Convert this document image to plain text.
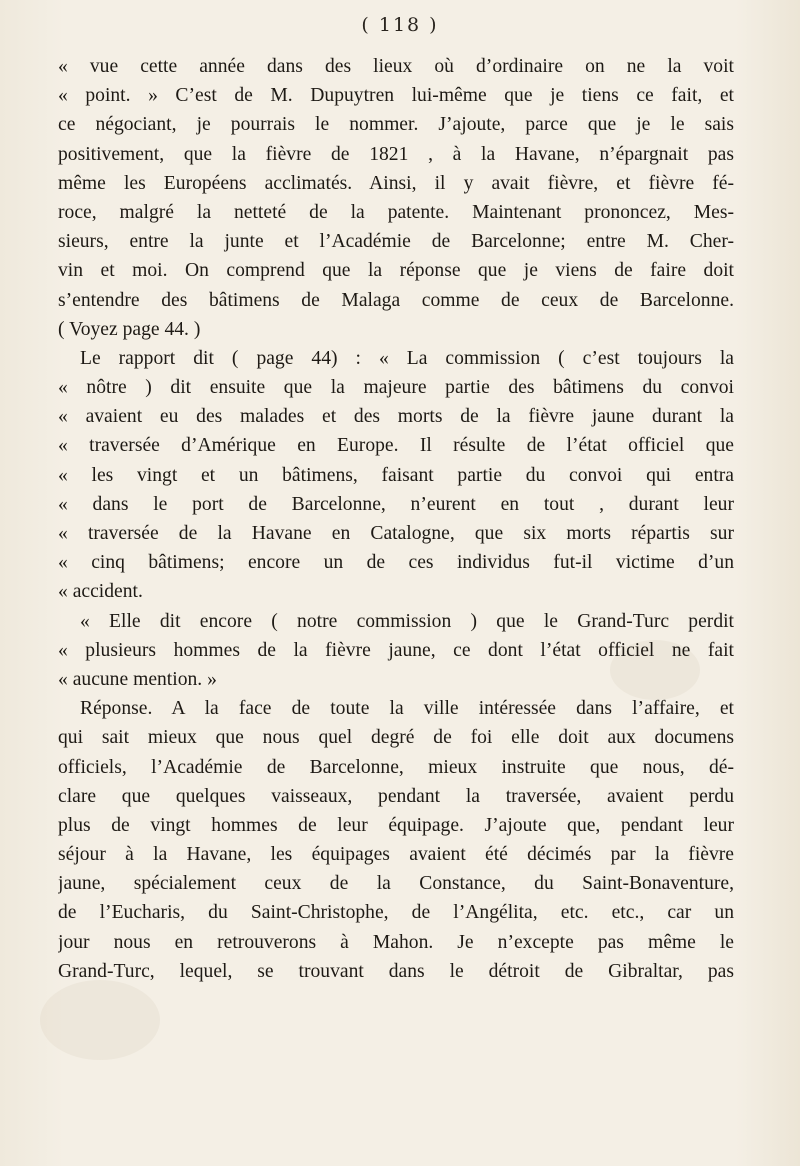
( 118 )
« vue cette année dans des lieux où d’ordinaire on ne la voit
« point. » C’est de M. Dupuytren lui-même que je tiens ce fait, et
ce négociant, je pourrais le nommer. J’ajoute, parce que je le sais
positivement, que la fièvre de 1821 , à la Havane, n’épargnait pas
même les Européens acclimatés. Ainsi, il y avait fièvre, et fièvre fé-
roce, malgré la netteté de la patente. Maintenant prononcez, Mes-
sieurs, entre la junte et l’Académie de Barcelonne; entre M. Cher-
vin et moi. On comprend que la réponse que je viens de faire doit
s’entendre des bâtimens de Malaga comme de ceux de Barcelonne.
( Voyez page 44. )
Le rapport dit ( page 44) : « La commission ( c’est toujours la
« nôtre ) dit ensuite que la majeure partie des bâtimens du convoi
« avaient eu des malades et des morts de la fièvre jaune durant la
« traversée d’Amérique en Europe. Il résulte de l’état officiel que
« les vingt et un bâtimens, faisant partie du convoi qui entra
« dans le port de Barcelonne, n’eurent en tout , durant leur
« traversée de la Havane en Catalogne, que six morts répartis sur
« cinq bâtimens; encore un de ces individus fut-il victime d’un
« accident.
« Elle dit encore ( notre commission ) que le Grand-Turc perdit
« plusieurs hommes de la fièvre jaune, ce dont l’état officiel ne fait
« aucune mention. »
Réponse. A la face de toute la ville intéressée dans l’affaire, et
qui sait mieux que nous quel degré de foi elle doit aux documens
officiels, l’Académie de Barcelonne, mieux instruite que nous, dé-
clare que quelques vaisseaux, pendant la traversée, avaient perdu
plus de vingt hommes de leur équipage. J’ajoute que, pendant leur
séjour à la Havane, les équipages avaient été décimés par la fièvre
jaune, spécialement ceux de la Constance, du Saint-Bonaventure,
de l’Eucharis, du Saint-Christophe, de l’Angélita, etc. etc., car un
jour nous en retrouverons à Mahon. Je n’excepte pas même le
Grand-Turc, lequel, se trouvant dans le détroit de Gibraltar, pas
